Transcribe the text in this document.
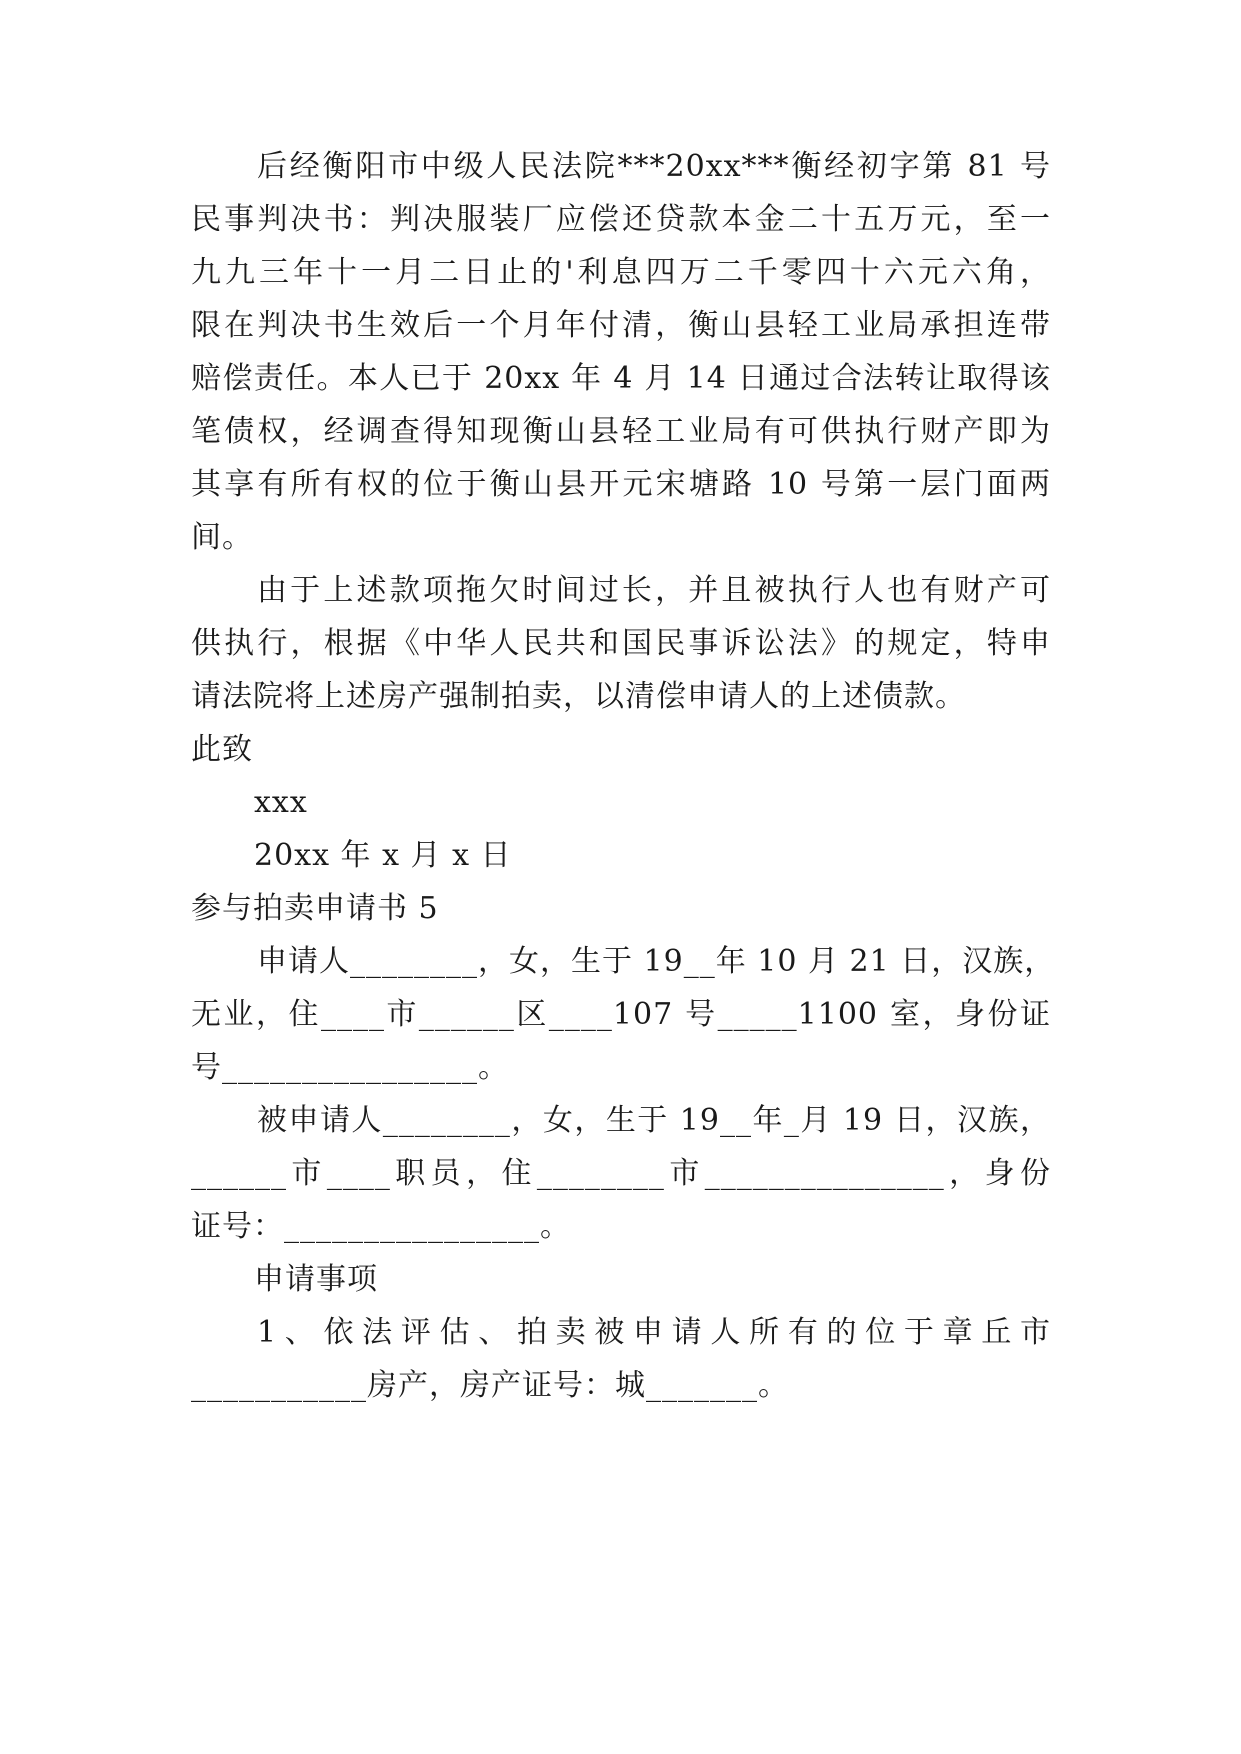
后经衡阳市中级人民法院***20xx***衡经初字第 81 号
民事判决书：判决服装厂应偿还贷款本金二十五万元，至一
九九三年十一月二日止的'利息四万二千零四十六元六角，
限在判决书生效后一个月年付清，衡山县轻工业局承担连带
赔偿责任。本人已于 20xx 年 4 月 14 日通过合法转让取得该
笔债权，经调查得知现衡山县轻工业局有可供执行财产即为
其享有所有权的位于衡山县开元宋塘路 10 号第一层门面两
间。
由于上述款项拖欠时间过长，并且被执行人也有财产可
供执行，根据《中华人民共和国民事诉讼法》的规定，特申
请法院将上述房产强制拍卖，以清偿申请人的上述债款。
此致
xxx
20xx 年 x 月 x 日
参与拍卖申请书 5
申请人________，女，生于 19__年 10 月 21 日，汉族，
无业，住____市______区____107 号_____1100 室，身份证
号________________。
被申请人________，女，生于 19__年_月 19 日，汉族，
______市____职员，住________市_______________，身份
证号：________________。
申请事项
1、依法评估、拍卖被申请人所有的位于章丘市
___________房产，房产证号：城_______。
